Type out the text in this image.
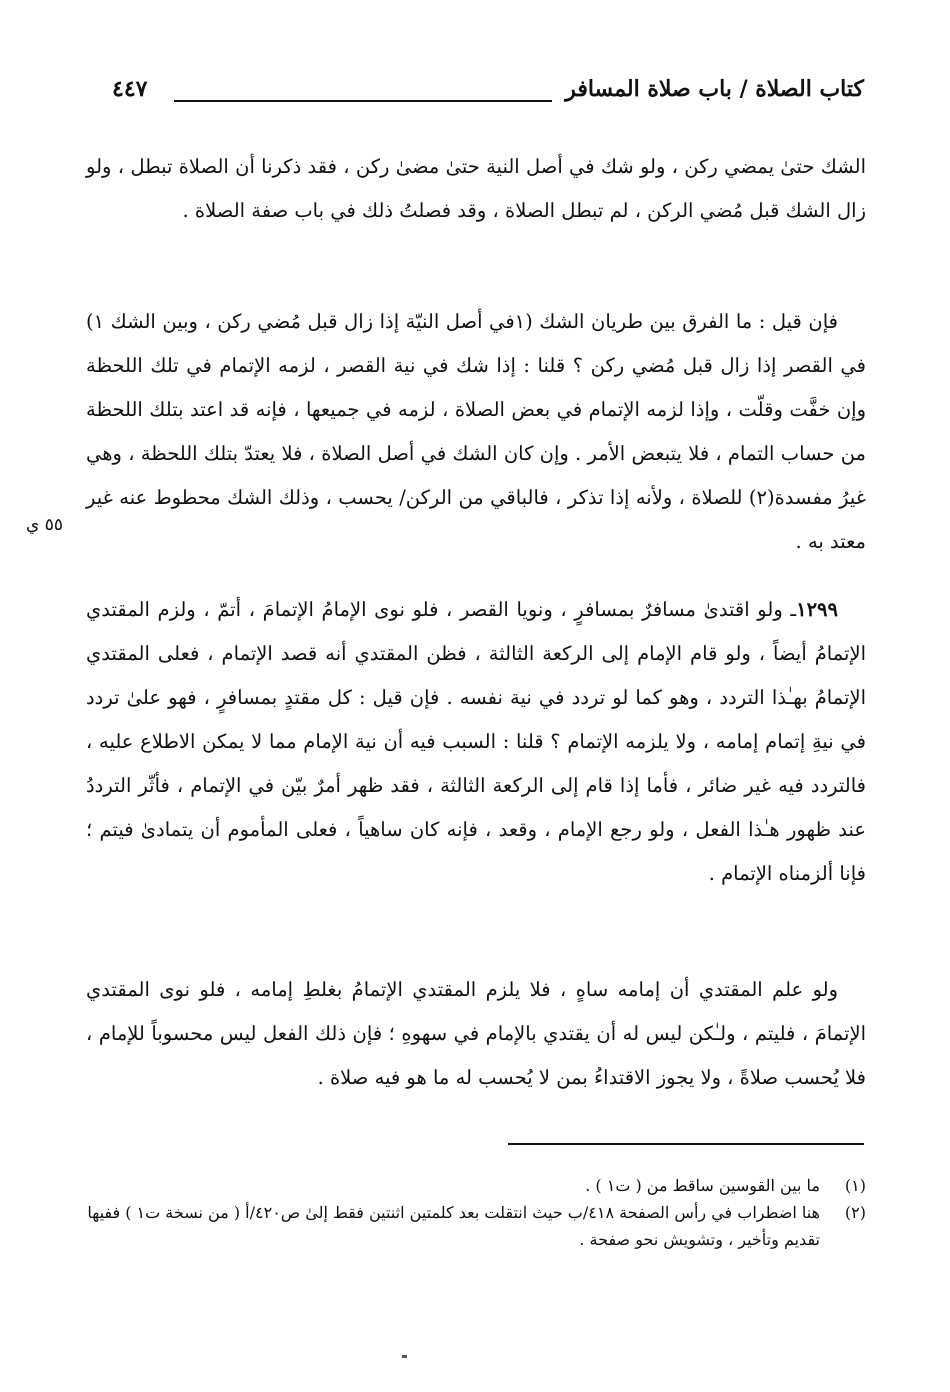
كتاب الصلاة / باب صلاة المسافر
٤٤٧

الشك حتىٰ يمضي ركن ، ولو شك في أصل النية حتىٰ مضىٰ ركن ، فقد ذكرنا أن الصلاة تبطل ، ولو زال الشك قبل مُضي الركن ، لم تبطل الصلاة ، وقد فصلتُ ذلك في باب صفة الصلاة .

فإن قيل : ما الفرق بين طريان الشك (١في أصل النيّة إذا زال قبل مُضي ركن ، وبين الشك ١) في القصر إذا زال قبل مُضي ركن ؟ قلنا : إذا شك في نية القصر ، لزمه الإتمام في تلك اللحظة وإن خفَّت وقلّت ، وإذا لزمه الإتمام في بعض الصلاة ، لزمه في جميعها ، فإنه قد اعتد بتلك اللحظة من حساب التمام ، فلا يتبعض الأمر . وإن كان الشك في أصل الصلاة ، فلا يعتدّ بتلك اللحظة ، وهي غيرُ مفسدة(٢) للصلاة ، ولأنه إذا تذكر ، فالباقي من الركن/ يحسب ، وذلك الشك محطوط عنه غير معتد به .

١٢٩٩ـ ولو اقتدىٰ مسافرٌ بمسافرٍ ، ونويا القصر ، فلو نوى الإمامُ الإتمامَ ، أتمّ ، ولزم المقتدي الإتمامُ أيضاً ، ولو قام الإمام إلى الركعة الثالثة ، فظن المقتدي أنه قصد الإتمام ، فعلى المقتدي الإتمامُ بهـٰذا التردد ، وهو كما لو تردد في نية نفسه . فإن قيل : كل مقتدٍ بمسافرٍ ، فهو علىٰ تردد في نيةِ إتمام إمامه ، ولا يلزمه الإتمام ؟ قلنا : السبب فيه أن نية الإمام مما لا يمكن الاطلاع عليه ، فالتردد فيه غير ضائر ، فأما إذا قام إلى الركعة الثالثة ، فقد ظهر أمرٌ بيّن في الإتمام ، فأثّر الترددُ عند ظهور هـٰذا الفعل ، ولو رجع الإمام ، وقعد ، فإنه كان ساهياً ، فعلى المأموم أن يتمادىٰ فيتم ؛ فإنا ألزمناه الإتمام .

ولو علم المقتدي أن إمامه ساهٍ ، فلا يلزم المقتدي الإتمامُ بغلطِ إمامه ، فلو نوى المقتدي الإتمامَ ، فليتم ، ولـٰكن ليس له أن يقتدي بالإمام في سهوهِ ؛ فإن ذلك الفعل ليس محسوباً للإمام ، فلا يُحسب صلاةً ، ولا يجوز الاقتداءُ بمن لا يُحسب له ما هو فيه صلاة .

٥٥ ي
(١)
ما بين القوسين ساقط من ( ت١ ) .
(٢)
هنا اضطراب في رأس الصفحة ٤١٨/ب حيث انتقلت بعد كلمتين اثنتين فقط إلىٰ ص٤٢٠/أ ( من نسخة ت١ ) ففيها تقديم وتأخير ، وتشويش نحو صفحة .
